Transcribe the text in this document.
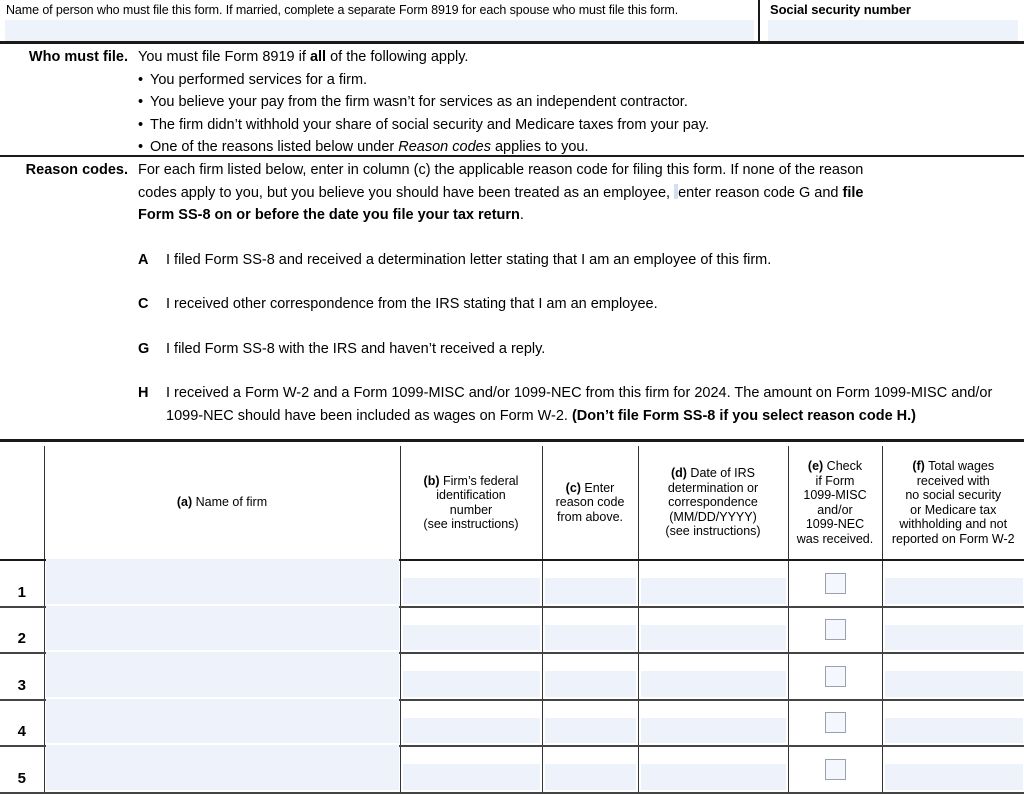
Name of person who must file this form. If married, complete a separate Form 8919 for each spouse who must file this form.	Social security number
Who must file. You must file Form 8919 if all of the following apply.
• You performed services for a firm.
• You believe your pay from the firm wasn’t for services as an independent contractor.
• The firm didn’t withhold your share of social security and Medicare taxes from your pay.
• One of the reasons listed below under Reason codes applies to you.
Reason codes. For each firm listed below, enter in column (c) the applicable reason code for filing this form. If none of the reason
codes apply to you, but you believe you should have been treated as an employee, enter reason code G and file
Form SS-8 on or before the date you file your tax return.
A	I filed Form SS-8 and received a determination letter stating that I am an employee of this firm.
C	I received other correspondence from the IRS stating that I am an employee.
G	I filed Form SS-8 with the IRS and haven’t received a reply.
H	I received a Form W-2 and a Form 1099-MISC and/or 1099-NEC from this firm for 2024. The amount on Form 1099-MISC and/or 1099-NEC should have been included as wages on Form W-2. (Don’t file Form SS-8 if you select reason code H.)
	(a) Name of firm	(b) Firm’s federal
identification
number
(see instructions)	(c) Enter
reason code
from above.	(d) Date of IRS
determination or
correspondence
(MM/DD/YYYY)
(see instructions)	(e) Check
if Form
1099-MISC
and/or
1099-NEC
was received.	(f) Total wages
received with
no social security
or Medicare tax
withholding and not
reported on Form W-2
1	

2	

3	

4	

5	
